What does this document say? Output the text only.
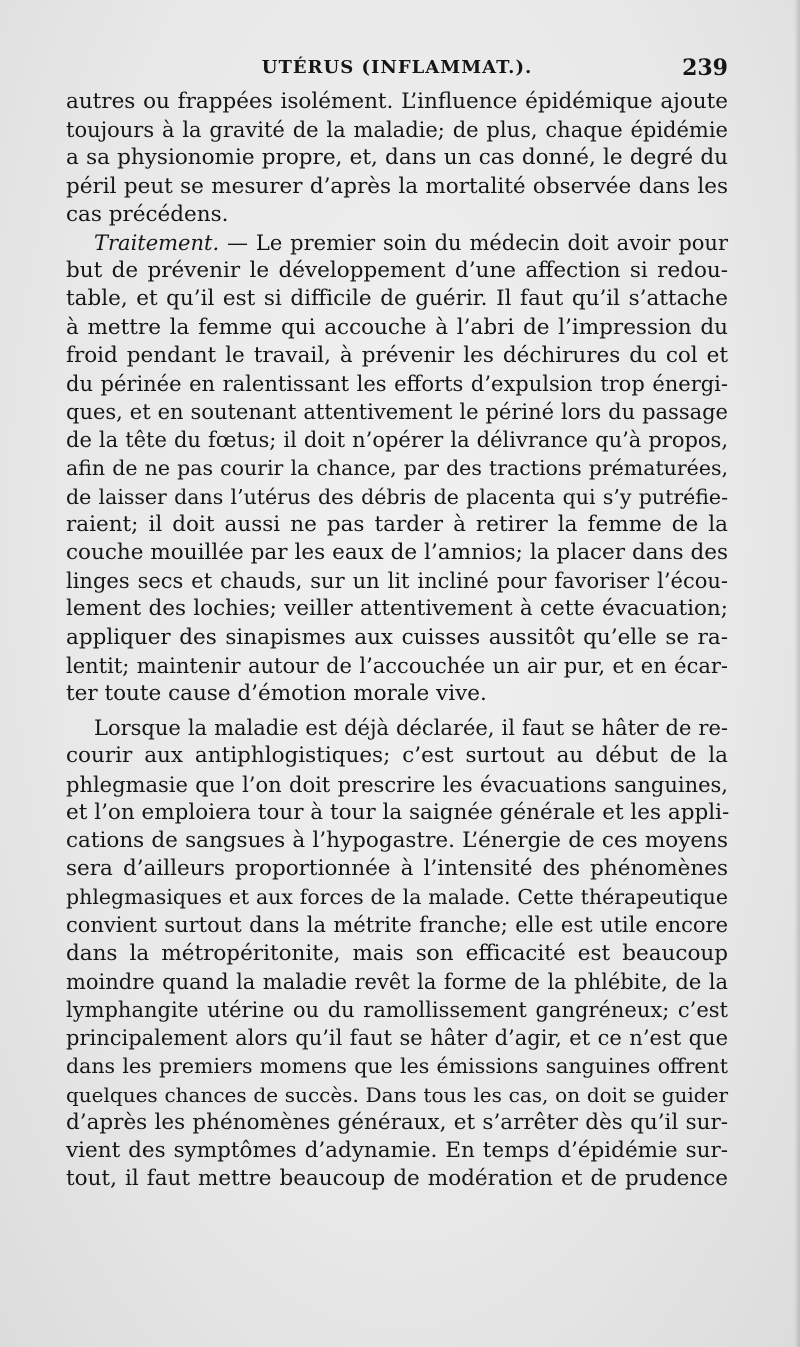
UTÉRUS (INFLAMMAT.).	239
autres ou frappées isolément. L’influence épidémique ajoute
toujours à la gravité de la maladie; de plus, chaque épidémie
a sa physionomie propre, et, dans un cas donné, le degré du
péril peut se mesurer d’après la mortalité observée dans les
cas précédens.
Traitement. — Le premier soin du médecin doit avoir pour
but de prévenir le développement d’une affection si redou-
table, et qu’il est si difficile de guérir. Il faut qu’il s’attache
à mettre la femme qui accouche à l’abri de l’impression du
froid pendant le travail, à prévenir les déchirures du col et
du périnée en ralentissant les efforts d’expulsion trop énergi-
ques, et en soutenant attentivement le périné lors du passage
de la tête du fœtus; il doit n’opérer la délivrance qu’à propos,
afin de ne pas courir la chance, par des tractions prématurées,
de laisser dans l’utérus des débris de placenta qui s’y putréfie-
raient; il doit aussi ne pas tarder à retirer la femme de la
couche mouillée par les eaux de l’amnios; la placer dans des
linges secs et chauds, sur un lit incliné pour favoriser l’écou-
lement des lochies; veiller attentivement à cette évacuation;
appliquer des sinapismes aux cuisses aussitôt qu’elle se ra-
lentit; maintenir autour de l’accouchée un air pur, et en écar-
ter toute cause d’émotion morale vive.
Lorsque la maladie est déjà déclarée, il faut se hâter de re-
courir aux antiphlogistiques; c’est surtout au début de la
phlegmasie que l’on doit prescrire les évacuations sanguines,
et l’on emploiera tour à tour la saignée générale et les appli-
cations de sangsues à l’hypogastre. L’énergie de ces moyens
sera d’ailleurs proportionnée à l’intensité des phénomènes
phlegmasiques et aux forces de la malade. Cette thérapeutique
convient surtout dans la métrite franche; elle est utile encore
dans la métropéritonite, mais son efficacité est beaucoup
moindre quand la maladie revêt la forme de la phlébite, de la
lymphangite utérine ou du ramollissement gangréneux; c’est
principalement alors qu’il faut se hâter d’agir, et ce n’est que
dans les premiers momens que les émissions sanguines offrent
quelques chances de succès. Dans tous les cas, on doit se guider
d’après les phénomènes généraux, et s’arrêter dès qu’il sur-
vient des symptômes d’adynamie. En temps d’épidémie sur-
tout, il faut mettre beaucoup de modération et de prudence
